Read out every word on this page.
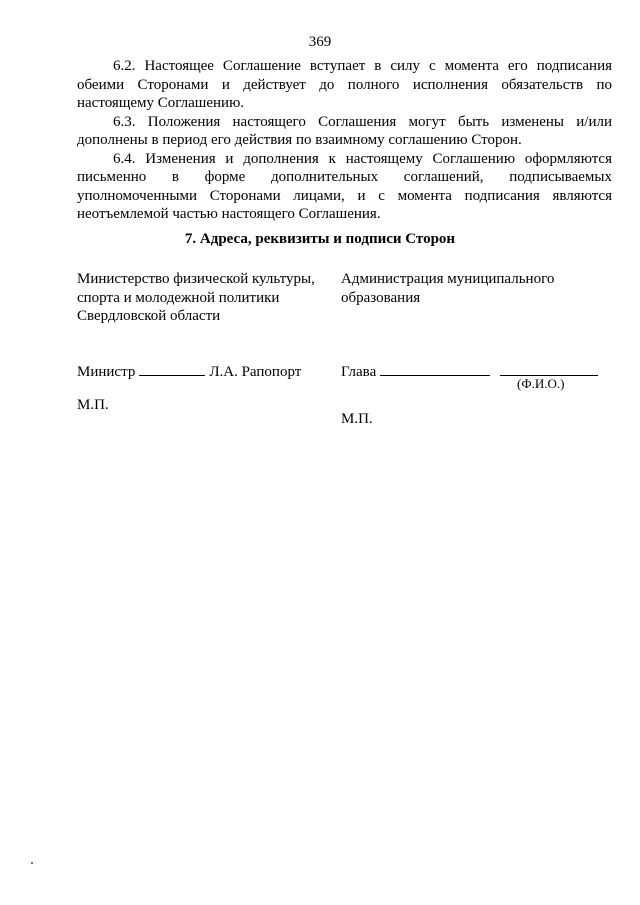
369

6.2. Настоящее Соглашение вступает в силу с момента его подписания обеими Сторонами и действует до полного исполнения обязательств по настоящему Соглашению.

6.3. Положения настоящего Соглашения могут быть изменены и/или дополнены в период его действия по взаимному соглашению Сторон.

6.4. Изменения и дополнения к настоящему Соглашению оформляются письменно в форме дополнительных соглашений, подписываемых уполномоченными Сторонами лицами, и с момента подписания являются неотъемлемой частью настоящего Соглашения.

7. Адреса, реквизиты и подписи Сторон
Министерство физической культуры,
спорта и молодежной политики
Свердловской области
Администрация муниципального
образования
Министр	Л.А. Рапопорт	Глава
(Ф.И.О.)
М.П.
М.П.
